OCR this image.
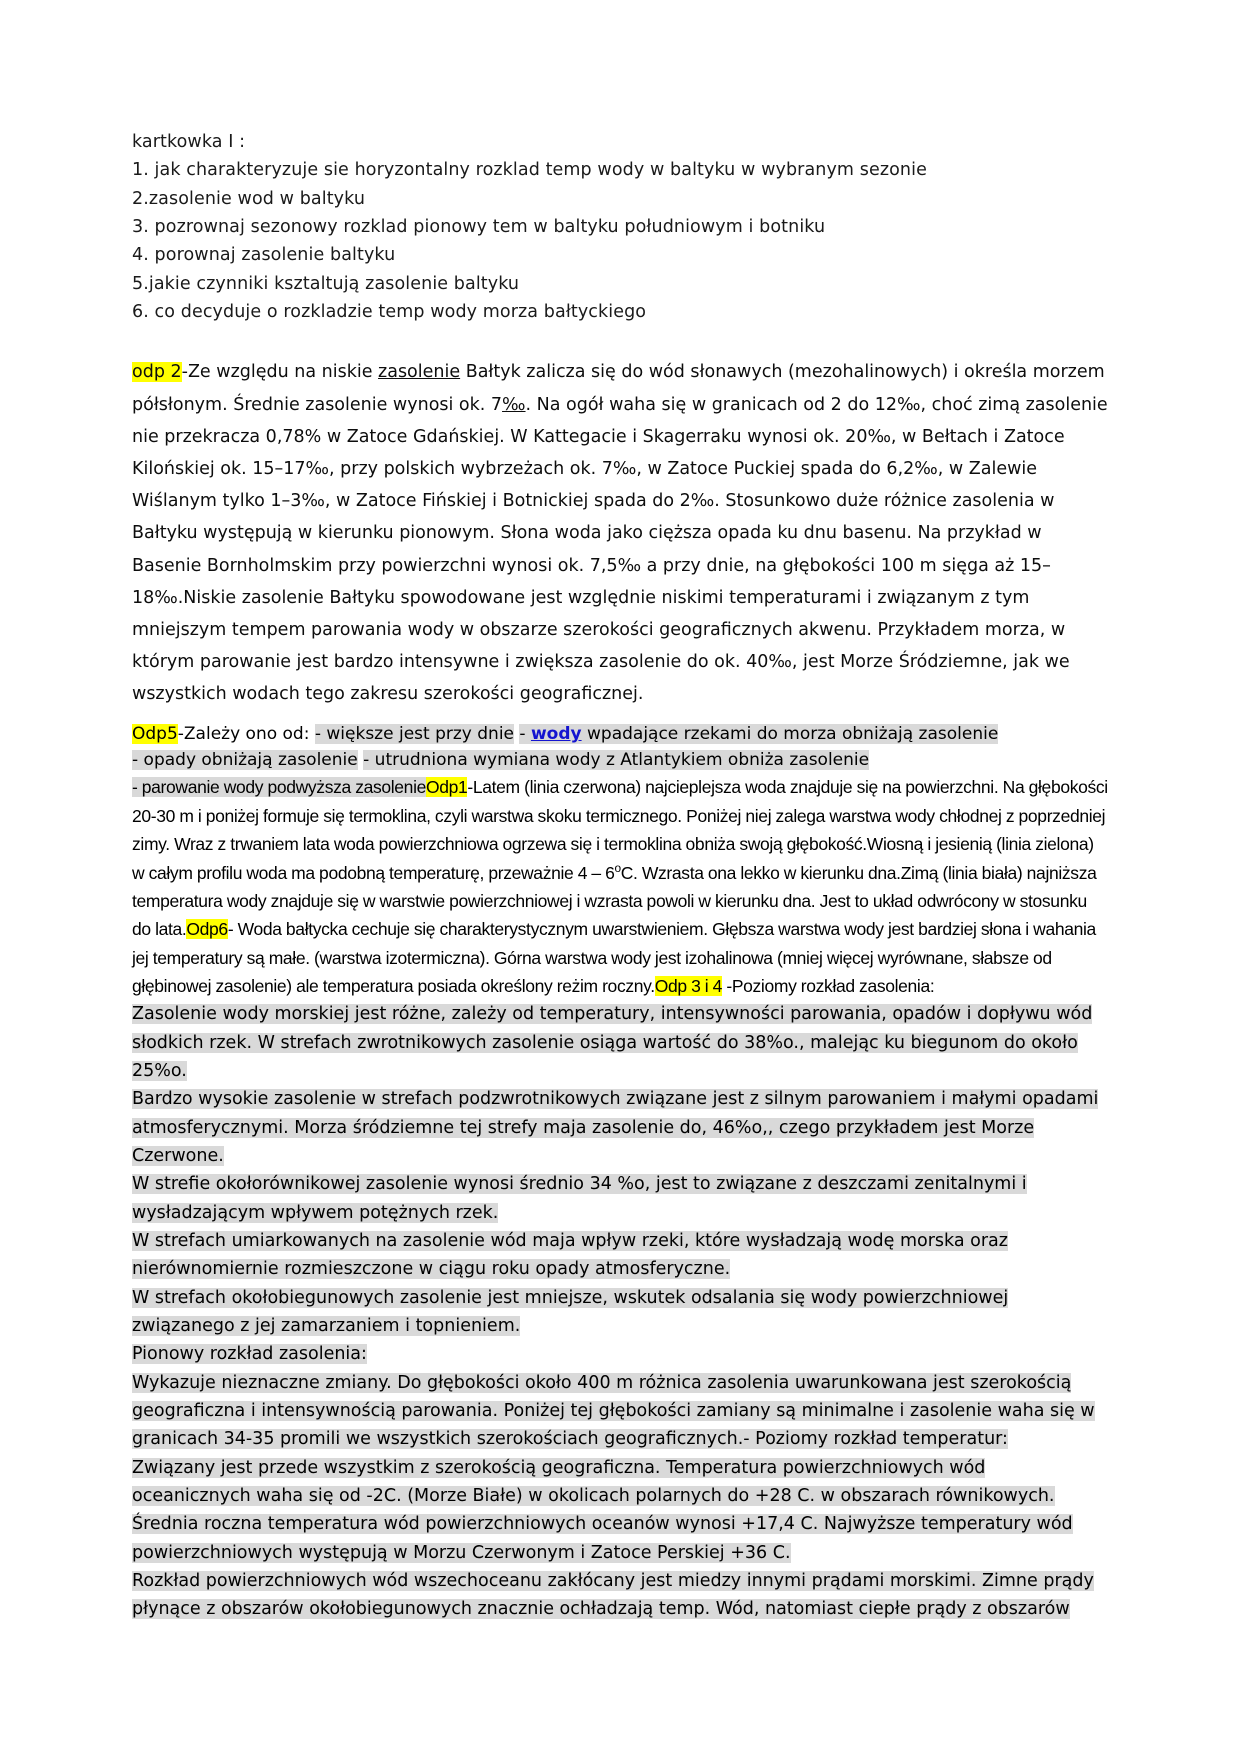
kartkowka I :
1. jak charakteryzuje sie horyzontalny rozklad temp wody w baltyku w wybranym sezonie
2.zasolenie wod w baltyku
3. pozrownaj sezonowy rozklad pionowy tem w baltyku południowym i botniku
4. porownaj zasolenie baltyku
5.jakie czynniki ksztaltują zasolenie baltyku
6. co decyduje o rozkladzie temp wody morza bałtyckiego
odp 2-Ze względu na niskie zasolenie Bałtyk zalicza się do wód słonawych (mezohalinowych) i określa morzem półsłonym. Średnie zasolenie wynosi ok. 7‰. Na ogół waha się w granicach od 2 do 12‰, choć zimą zasolenie nie przekracza 0,78% w Zatoce Gdańskiej. W Kattegacie i Skagerraku wynosi ok. 20‰, w Bełtach i Zatoce Kilońskiej ok. 15–17‰, przy polskich wybrzeżach ok. 7‰, w Zatoce Puckiej spada do 6,2‰, w Zalewie Wiślanym tylko 1–3‰, w Zatoce Fińskiej i Botnickiej spada do 2‰. Stosunkowo duże różnice zasolenia w Bałtyku występują w kierunku pionowym. Słona woda jako cięższa opada ku dnu basenu. Na przykład w Basenie Bornholmskim przy powierzchni wynosi ok. 7,5‰ a przy dnie, na głębokości 100 m sięga aż 15–18‰.Niskie zasolenie Bałtyku spowodowane jest względnie niskimi temperaturami i związanym z tym mniejszym tempem parowania wody w obszarze szerokości geograficznych akwenu. Przykładem morza, w którym parowanie jest bardzo intensywne i zwiększa zasolenie do ok. 40‰, jest Morze Śródziemne, jak we wszystkich wodach tego zakresu szerokości geograficznej.
Odp5-Zależy ono od: - większe jest przy dnie - wody wpadające rzekami do morza obniżają zasolenie - opady obniżają zasolenie - utrudniona wymiana wody z Atlantykiem obniża zasolenie
- parowanie wody podwyższa zasolenieOdp1-Latem (linia czerwona) najcieplejsza woda znajduje się na powierzchni. Na głębokości 20-30 m i poniżej formuje się termoklina, czyli warstwa skoku termicznego. Poniżej niej zalega warstwa wody chłodnej z poprzedniej zimy. Wraz z trwaniem lata woda powierzchniowa ogrzewa się i termoklina obniża swoją głębokość.Wiosną i jesienią (linia zielona) w całym profilu woda ma podobną temperaturę, przeważnie 4 – 6$^o$C. Wzrasta ona lekko w kierunku dna.Zimą (linia biała) najniższa temperatura wody znajduje się w warstwie powierzchniowej i wzrasta powoli w kierunku dna. Jest to układ odwrócony w stosunku do lata.Odp6- Woda bałtycka cechuje się charakterystycznym uwarstwieniem. Głębsza warstwa wody jest bardziej słona i wahania jej temperatury są małe. (warstwa izotermiczna). Górna warstwa wody jest izohalinowa (mniej więcej wyrównane, słabsze od głębinowej zasolenie) ale temperatura posiada określony reżim roczny.Odp 3 i 4 -Poziomy rozkład zasolenia:
Zasolenie wody morskiej jest różne, zależy od temperatury, intensywności parowania, opadów i dopływu wód słodkich rzek. W strefach zwrotnikowych zasolenie osiąga wartość do 38%o., malejąc ku biegunom do około 25%o.
Bardzo wysokie zasolenie w strefach podzwrotnikowych związane jest z silnym parowaniem i małymi opadami atmosferycznymi. Morza śródziemne tej strefy maja zasolenie do, 46%o,, czego przykładem jest Morze Czerwone.
W strefie okołorównikowej zasolenie wynosi średnio 34 %o, jest to związane z deszczami zenitalnymi i wysładzającym wpływem potężnych rzek.
W strefach umiarkowanych na zasolenie wód maja wpływ rzeki, które wysładzają wodę morska oraz nierównomiernie rozmieszczone w ciągu roku opady atmosferyczne.
W strefach okołobiegunowych zasolenie jest mniejsze, wskutek odsalania się wody powierzchniowej związanego z jej zamarzaniem i topnieniem.
Pionowy rozkład zasolenia:
Wykazuje nieznaczne zmiany. Do głębokości około 400 m różnica zasolenia uwarunkowana jest szerokością geograficzna i intensywnością parowania. Poniżej tej głębokości zamiany są minimalne i zasolenie waha się w granicach 34-35 promili we wszystkich szerokościach geograficznych.- Poziomy rozkład temperatur:
Związany jest przede wszystkim z szerokością geograficzna. Temperatura powierzchniowych wód oceanicznych waha się od -2C. (Morze Białe) w okolicach polarnych do +28 C. w obszarach równikowych. Średnia roczna temperatura wód powierzchniowych oceanów wynosi +17,4 C. Najwyższe temperatury wód powierzchniowych występują w Morzu Czerwonym i Zatoce Perskiej +36 C.
Rozkład powierzchniowych wód wszechoceanu zakłócany jest miedzy innymi prądami morskimi. Zimne prądy płynące z obszarów okołobiegunowych znacznie ochładzają temp. Wód, natomiast ciepłe prądy z obszarów
